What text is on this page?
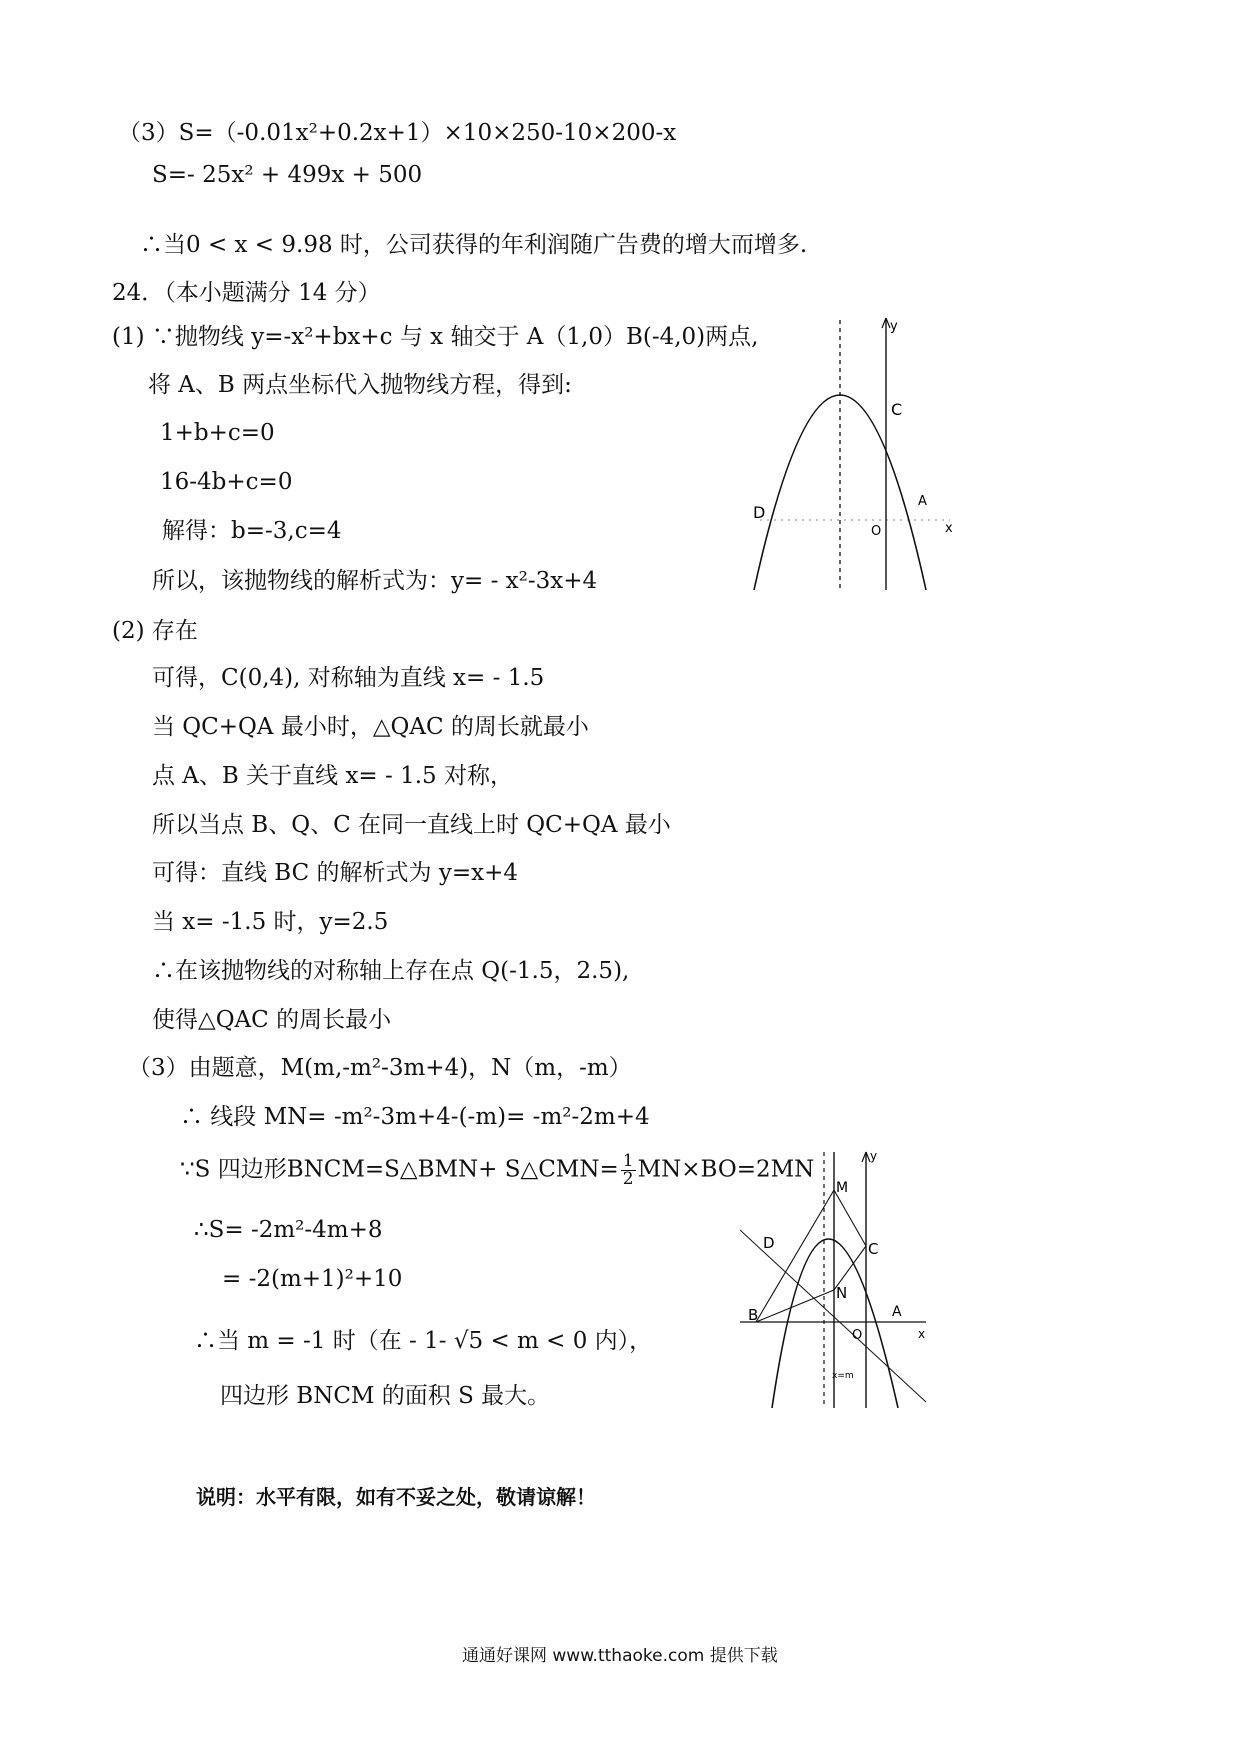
（3）S=（-0.01x²+0.2x+1）×10×250-10×200-x
S=- 25x² + 499x + 500
∴当0 < x < 9.98 时，公司获得的年利润随广告费的增大而增多.
24．（本小题满分 14 分）
(1) ∵抛物线 y=-x²+bx+c 与 x 轴交于 A（1,0）B(-4,0)两点,
将 A、B 两点坐标代入抛物线方程，得到:
1+b+c=0
16-4b+c=0
解得：b=-3,c=4
所以，该抛物线的解析式为：y= - x²-3x+4
(2) 存在
可得，C(0,4), 对称轴为直线 x= - 1.5
当 QC+QA 最小时，△QAC 的周长就最小
点 A、B 关于直线 x= - 1.5 对称，
所以当点 B、Q、C 在同一直线上时 QC+QA 最小
可得：直线 BC 的解析式为 y=x+4
当 x= -1.5 时，y=2.5
∴在该抛物线的对称轴上存在点 Q(-1.5，2.5),
使得△QAC 的周长最小
（3）由题意，M(m,-m²-3m+4)，N（m，-m）
∴ 线段 MN= -m²-3m+4-(-m)= -m²-2m+4
∵S 四边形BNCM=S△BMN+ S△CMN= $\frac{1}{2} MN\times BO=2MN$
∴S= -2m²-4m+8
= -2(m+1)²+10
∴当 m = -1 时（在 - 1- √5 < m < 0 内），
四边形 BNCM 的面积 S 最大。
说明：水平有限，如有不妥之处，敬请谅解！
通通好课网 www.tthaoke.com 提供下载
y
x
C
A
D
O
y
x
M
C
D
N
B	A
O
x=m
